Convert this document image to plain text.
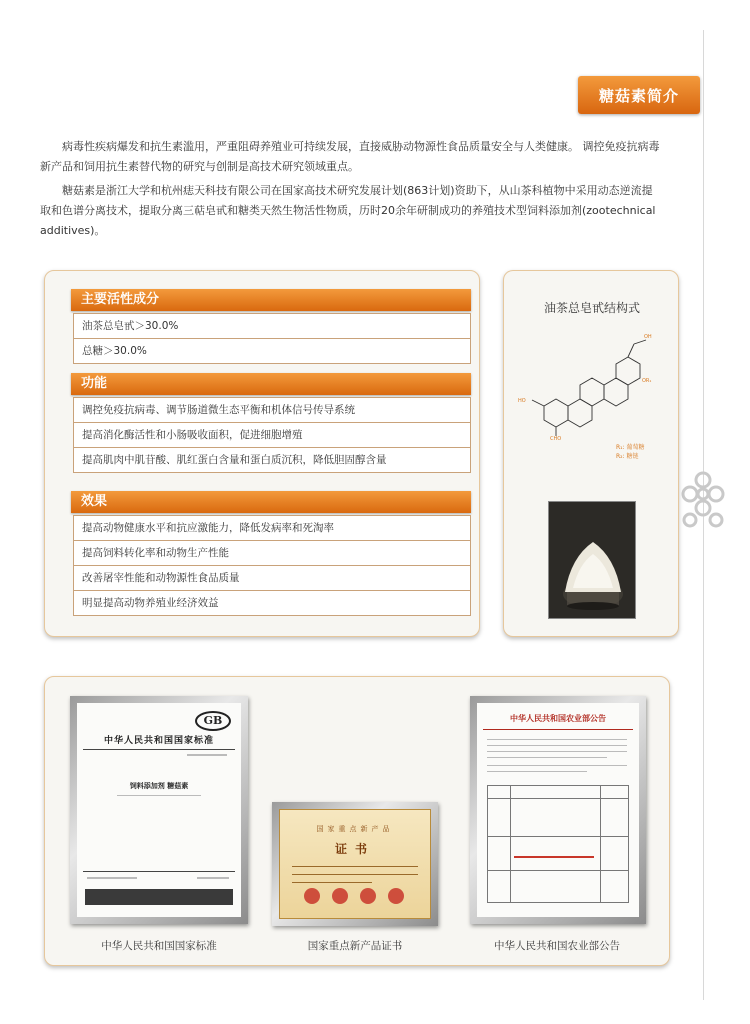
糖菇素简介

病毒性疾病爆发和抗生素滥用，严重阻碍养殖业可持续发展，直接威胁动物源性食品质量安全与人类健康。 调控免疫抗病毒
新产品和饲用抗生素替代物的研究与创制是高技术研究领域重点。

糖菇素是浙江大学和杭州痣天科技有限公司在国家高技术研究发展计划(863计划)资助下，从山茶科植物中采用动态逆流提
取和色谱分离技术，提取分离三萜皂甙和糖类天然生物活性物质，历时20余年研制成功的养殖技术型饲料添加剂(zootechnical
additives)。

主要活性成分
油茶总皂甙＞30.0%
总糖＞30.0%
功能
调控免疫抗病毒、调节肠道微生态平衡和机体信号传导系统
提高消化酶活性和小肠吸收面积，促进细胞增殖
提高肌肉中肌苷酸、肌红蛋白含量和蛋白质沉积，降低胆固醇含量
效果
提高动物健康水平和抗应激能力，降低发病率和死淘率
提高饲料转化率和动物生产性能
改善屠宰性能和动物源性食品质量
明显提高动物养殖业经济效益
油茶总皂甙结构式
HO
OH
OR₁
CHO
R₁: 葡萄糖
R₂: 糖链
GB
中华人民共和国国家标准
饲料添加剂 糖菇素
国家重点新产品
证书
中华人民共和国农业部公告
中华人民共和国国家标准	国家重点新产品证书	中华人民共和国农业部公告
